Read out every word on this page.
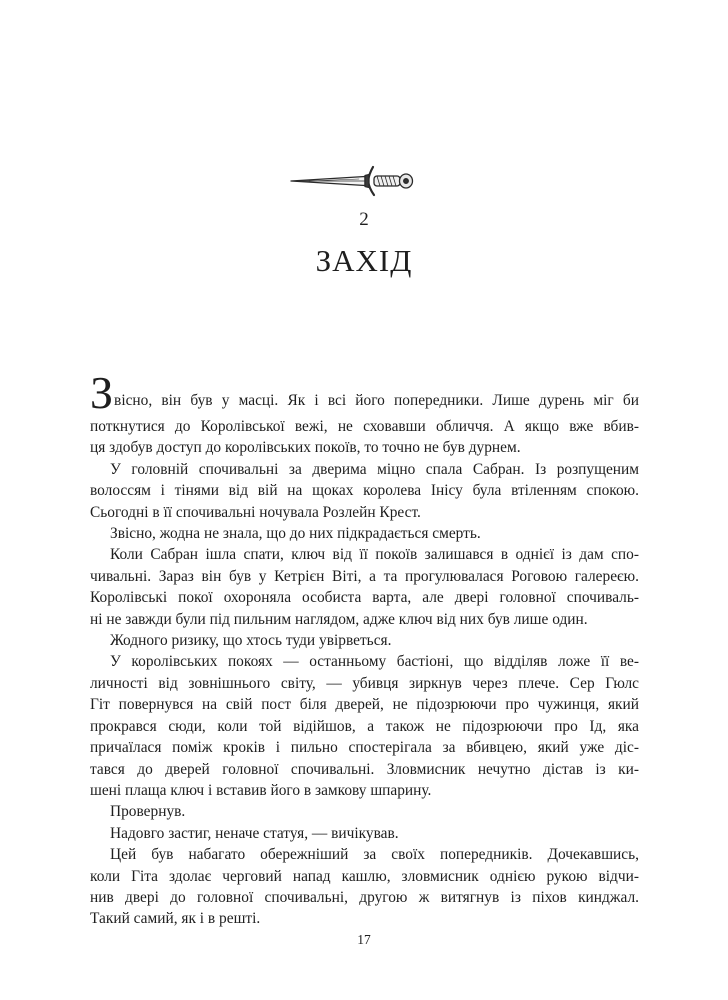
2
ЗАХІД

Звісно, він був у масці. Як і всі його попередники. Лише дурень міг би
поткнутися до Королівської вежі, не сховавши обличчя. А якщо вже вбив-
ця здобув доступ до королівських покоїв, то точно не був дурнем.

У головній спочивальні за дверима міцно спала Сабран. Із розпущеним
волоссям і тінями від вій на щоках королева Інісу була втіленням спокою.
Сьогодні в її спочивальні ночувала Розлейн Крест.

Звісно, жодна не знала, що до них підкрадається смерть.

Коли Сабран ішла спати, ключ від її покоїв залишався в однієї із дам спо-
чивальні. Зараз він був у Кетрієн Віті, а та прогулювалася Роговою галереєю.
Королівські покої охороняла особиста варта, але двері головної спочиваль-
ні не завжди були під пильним наглядом, адже ключ від них був лише один.

Жодного ризику, що хтось туди увірветься.

У королівських покоях — останньому бастіоні, що відділяв ложе її ве-
личності від зовнішнього світу, — убивця зиркнув через плече. Сер Гюлс
Гіт повернувся на свій пост біля дверей, не підозрюючи про чужинця, який
прокрався сюди, коли той відійшов, а також не підозрюючи про Ід, яка
причаїлася поміж кроків і пильно спостерігала за вбивцею, який уже діс-
тався до дверей головної спочивальні. Зловмисник нечутно дістав із ки-
шені плаща ключ і вставив його в замкову шпарину.

Провернув.

Надовго застиг, неначе статуя, — вичікував.

Цей був набагато обережніший за своїх попередників. Дочекавшись,
коли Гіта здолає черговий напад кашлю, зловмисник однією рукою відчи-
нив двері до головної спочивальні, другою ж витягнув із піхов кинджал.
Такий самий, як і в решті.

17
